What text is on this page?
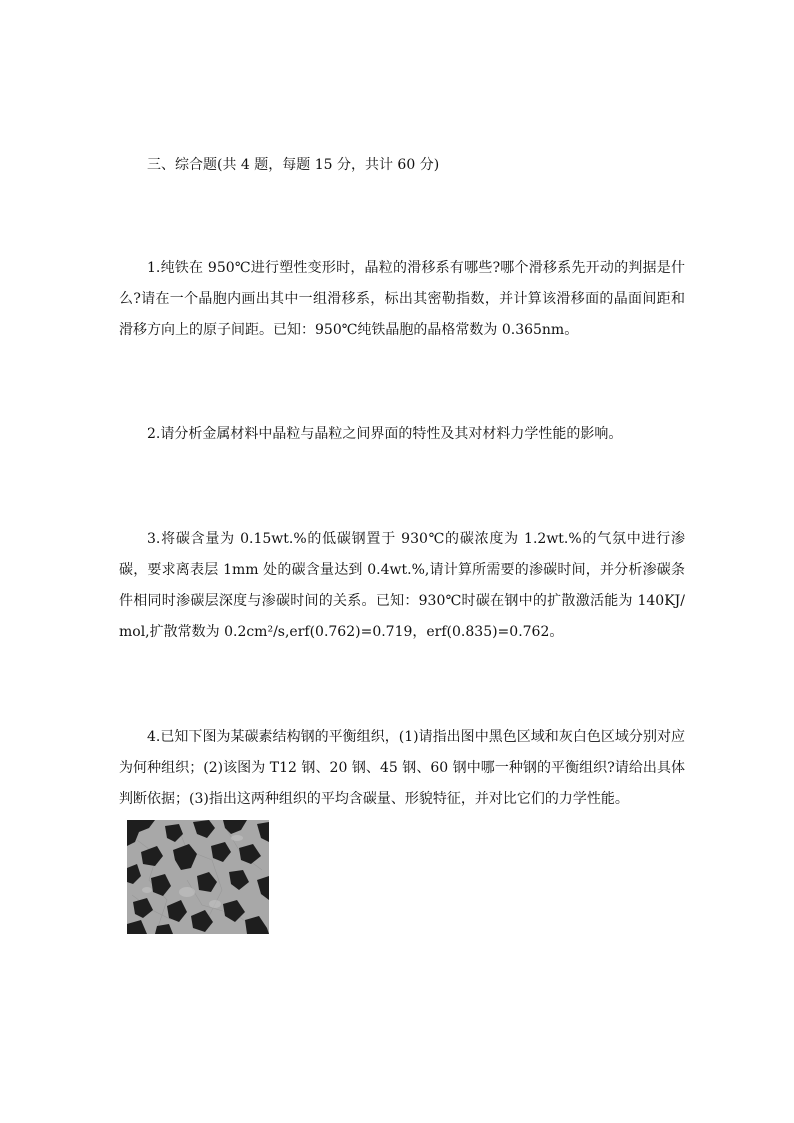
三、综合题(共 4 题，每题 15 分，共计 60 分)

1.纯铁在 950℃进行塑性变形时，晶粒的滑移系有哪些?哪个滑移系先开动的判据是什么?请在一个晶胞内画出其中一组滑移系，标出其密勒指数，并计算该滑移面的晶面间距和滑移方向上的原子间距。已知：950℃纯铁晶胞的晶格常数为 0.365nm。

2.请分析金属材料中晶粒与晶粒之间界面的特性及其对材料力学性能的影响。

3.将碳含量为 0.15wt.%的低碳钢置于 930℃的碳浓度为 1.2wt.%的气氛中进行渗碳，要求离表层 1mm 处的碳含量达到 0.4wt.%,请计算所需要的渗碳时间，并分析渗碳条件相同时渗碳层深度与渗碳时间的关系。已知：930℃时碳在钢中的扩散激活能为 140KJ/mol,扩散常数为 0.2cm²/s,erf(0.762)=0.719，erf(0.835)=0.762。

4.已知下图为某碳素结构钢的平衡组织，(1)请指出图中黑色区域和灰白色区域分别对应为何种组织；(2)该图为 T12 钢、20 钢、45 钢、60 钢中哪一种钢的平衡组织?请给出具体判断依据；(3)指出这两种组织的平均含碳量、形貌特征，并对比它们的力学性能。
